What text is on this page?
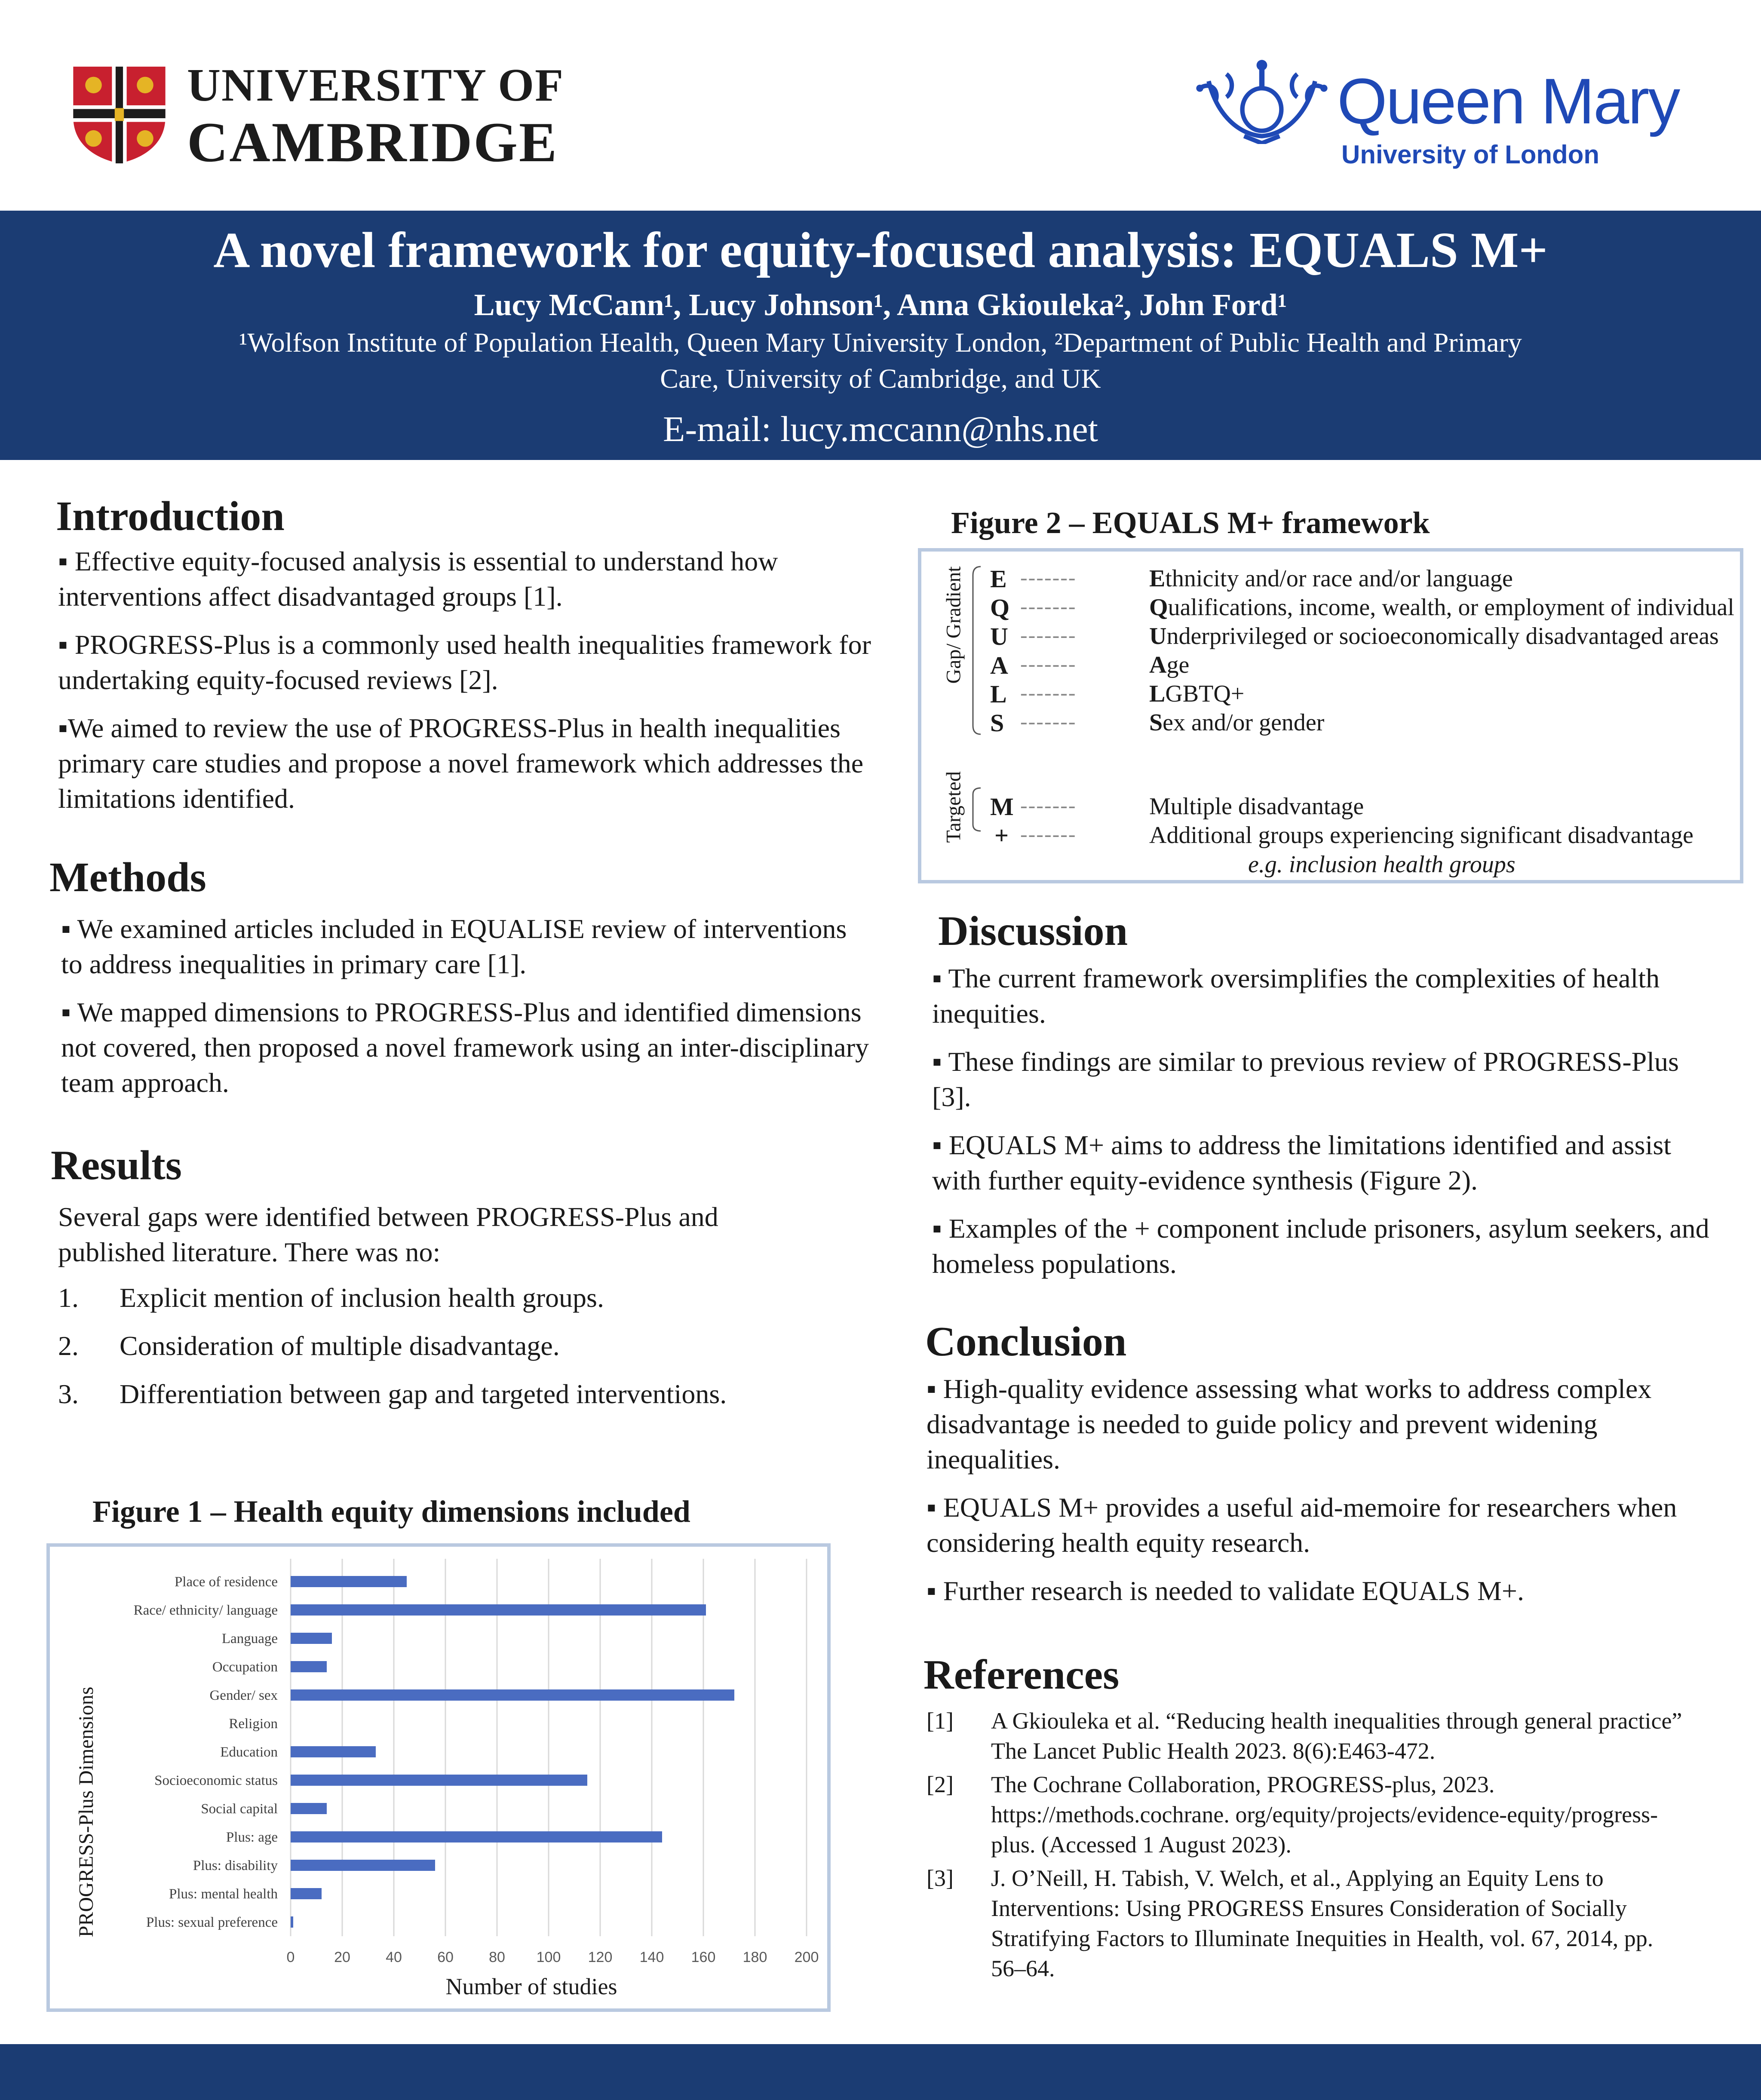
UNIVERSITY OF
CAMBRIDGE
Queen Mary
University of London
A novel framework for equity-focused analysis: EQUALS M+
Lucy McCann¹, Lucy Johnson¹, Anna Gkiouleka², John Ford¹
¹Wolfson Institute of Population Health, Queen Mary University London, ²Department of Public Health and Primary
Care, University of Cambridge, and UK
E-mail: lucy.mccann@nhs.net
Introduction

▪ Effective equity-focused analysis is essential to understand how interventions affect disadvantaged groups [1].

▪ PROGRESS-Plus is a commonly used health inequalities framework for undertaking equity-focused reviews [2].

▪We aimed to review the use of PROGRESS-Plus in health inequalities primary care studies and propose a novel framework which addresses the limitations identified.

Methods

▪ We examined articles included in EQUALISE review of interventions to address inequalities in primary care [1].

▪ We mapped dimensions to PROGRESS-Plus and identified dimensions not covered, then proposed a novel framework using an inter-disciplinary team approach.

Results
Several gaps were identified between PROGRESS-Plus and published literature. There was no:
1.	Explicit mention of inclusion health groups.
2.	Consideration of multiple disadvantage.
3.	Differentiation between gap and targeted interventions.
Figure 1 – Health equity dimensions included
0	20 40 60 80 100 120 140 160 180 200
Place of residence
Race/ ethnicity/ language
Language
Occupation
Gender/ sex
Religion
Education
Socioeconomic status
Social capital
Plus: age
Plus: disability
Plus: mental health
Plus: sexual preference
Number of studies
PROGRESS-Plus Dimensions
Figure 2 – EQUALS M+ framework
Gap/ Gradient
Targeted
E -------	Ethnicity and/or race and/or language
Q -------	Qualifications, income, wealth, or employment of individual
U -------	Underprivileged or socioeconomically disadvantaged areas
A -------	Age
L -------	LGBTQ+
S -------	Sex and/or gender
M -------	Multiple disadvantage
+ -------	Additional groups experiencing significant disadvantage
e.g. inclusion health groups
Discussion

▪ The current framework oversimplifies the complexities of health inequities.

▪ These findings are similar to previous review of PROGRESS-Plus [3].

▪ EQUALS M+ aims to address the limitations identified and assist with further equity-evidence synthesis (Figure 2).

▪ Examples of the + component include prisoners, asylum seekers, and homeless populations.

Conclusion

▪ High-quality evidence assessing what works to address complex disadvantage is needed to guide policy and prevent widening inequalities.

▪ EQUALS M+ provides a useful aid-memoire for researchers when considering health equity research.

▪ Further research is needed to validate EQUALS M+.

References
[1]	A Gkiouleka et al. “Reducing health inequalities through general practice” The Lancet Public Health 2023. 8(6):E463-472.
[2]	The Cochrane Collaboration, PROGRESS-plus, 2023. https://methods.cochrane. org/equity/projects/evidence-equity/progress-plus. (Accessed 1 August 2023).
[3]	J. O’Neill, H. Tabish, V. Welch, et al., Applying an Equity Lens to Interventions: Using PROGRESS Ensures Consideration of Socially Stratifying Factors to Illuminate Inequities in Health, vol. 67, 2014, pp. 56–64.
